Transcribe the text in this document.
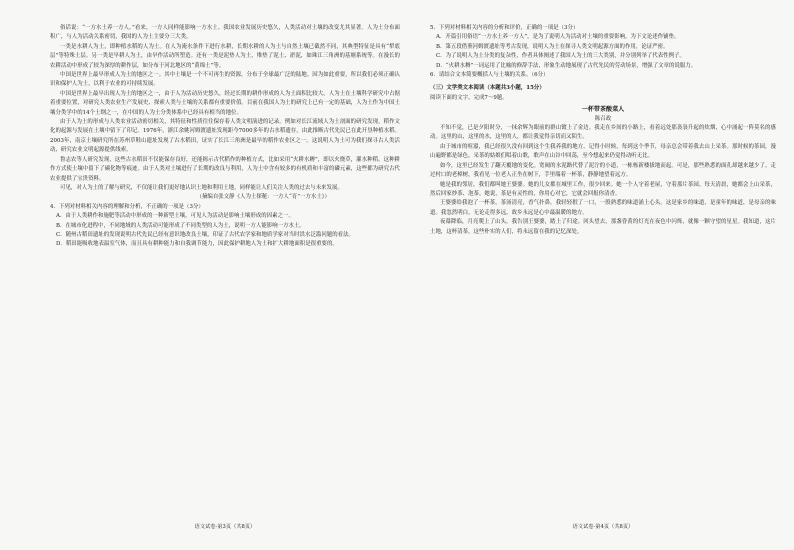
俗话说：“一方水土养一方人。”看来，一方人同样能影响一方水土。我国农业发展历史悠久，人类活动对土壤的改变尤其显著。人为土分布面积广，与人为活动关系密切，我国的人为土主要分三大类。

一类是水耕人为土，即种植水稻的人为土。在人为淹水条件下进行水耕，长期水耕的人为土与自然土壤已截然不同，其典型特征是具有“犁底层”等特殊土层。另一类是旱耕人为土，由旱作活动所塑造。还有一类是泥垫人为土，堆垫了泥土、淤泥，如珠江三角洲的基塘系统等。在漫长的农耕活动中形成了较为深厚的耕作层，如分布于河北地区的“黄绵土”等。

中国是世界上最早形成人为土的地区之一。其中土壤是一个不可再生的资源，分布于全球最广泛的陆地。因为如此重要，所以我们必须正确认识和保护人为土，以利于农业的可持续发展。

中国是世界上最早出现人为土的地区之一，由于人为活动历史悠久，经过长期的耕作形成的人为土面积比较大。人为土在土壤科学研究中占据着重要位置，对研究人类农业生产发展史、探索人类与土壤的关系都有重要价值。目前在我国人为土的研究上已有一定的基础，人为土作为中国土壤分类学中的14个土纲之一，在中国的人为土分类体系中已经具有相当的地位。

由于人为土的形成与人类农业活动密切相关，其特征和性质往往保存着人类文明演进的记录。例如对长江流域人为土剖面的研究发现，稻作文化的起源与发展在土壤中留下了印记。1976年，浙江余姚河姆渡遗址发现距今7000多年的古水稻遗存，由此推断古代先民已在此开垦种植水稻。2003年，南京土壤研究所在苏州草鞋山遗址发现了古水稻田，证实了长江三角洲是最早的稻作农业区之一。这说明人为土可为我们探寻古人类活动、研究农业文明起源提供线索。

鲁志农等人研究发现，这些古水稻田不仅能保存良好，还能揭示古代稻作的种植方式，比如采用“火耕水耨”，即以火烧草，灌水种稻。这种耕作方式使土壤中留下了碳化物等痕迹。由于人类对土壤进行了长期的改良与利用，人为土中含有较多的有机质和丰富的磷元素，这些都为研究古代农业提供了宝贵资料。

可见，对人为土的了解与研究，不仅能让我们更好地认识土地和利用土地，同样能让人们关注人类的过去与未来发展。

（摘编自张文静《人为土探秘：一方人“育”一方水土》）

4．下列对材料相关内容的理解和分析，不正确的一项是（3分）

A．由于人类耕作和施肥等活动中形成的一种新型土壤，可见人为活动是影响土壤形成的因素之一。

B．在城市化进程中，不同地域的人类活动可能形成了不同类型的人为土，说明一方人能影响一方水土。

C．随州古稻田遗址的发现说明古代先民已经有意识地改良土壤，印证了古代农学家和地质学家对当时洪水泛滥问题的看法。

D．稻田能吸收地表温室气体，而且具有耕种能力和自我调节能力，因此保护耕地人为土和扩大耕地面积是很重要的。

语文试卷·第3页（共8页）

5．下列对材料相关内容的分析和评价，正确的一项是（3分）

A．开篇引用俗语“一方水土养一方人”，是为了说明人为活动对土壤的重要影响，为下文论述作铺垫。

B．第五段借鉴河姆渡遗址等考古发现，说明人为土在探寻人类文明起源方面的作用，论证严密。

C．为了说明人为土分类的复杂性，作者具体阐述了我国人为土的三大类别，并分别列举了代表性例子。

D．“火耕水耨”一词运用了比喻的修辞手法，形象生动地展现了古代先民的劳动场景，增强了文章的说服力。

6．请结合文本简要概括人与土壤的关系。（6分）

（三）文学类文本阅读（本题共3小题，15分）

阅读下面的文字，完成7～9题。

一杯带茶酸菜人

陈召政

不知不觉，已是夕阳时分，一抹余辉为眼前的群山镀上了金边。我走在乡间的小路上，看着远处那袅袅升起的炊烟，心中涌起一阵莫名的感动。这里的山，这里的水，这里的人，都让我觉得亲切而又陌生。

由于城市的喧嚣，我已经很久没有回到这个生我养我的地方。记得小时候，每到这个季节，母亲总会带着我去山上采茶。那时候的茶园，漫山遍野都是绿色，采茶的姑娘们唱着山歌，歌声在山谷中回荡，至今想起来仍觉得动听无比。

如今，这里已经发生了翻天覆地的变化。宽阔的水泥路代替了泥泞的小道，一栋栋新楼拔地而起。可是，那些熟悉的面孔却越来越少了。走过村口的老樟树，我看见一位老人正坐在树下，手里端着一杯茶，静静地望着远方。

她是我的邻居，我们都叫她王婆婆。她的儿女都在城里工作，很少回来。她一个人守着老屋，守着那片茶园。每天清晨，她都会上山采茶，然后回家炒茶、泡茶。她说，茶是有灵性的，你用心对它，它就会回报你清香。

王婆婆给我泡了一杯茶，茶汤清亮，香气扑鼻。我轻轻抿了一口，一股熟悉的味道涌上心头。这是家乡的味道，是童年的味道，是母亲的味道。我忽然明白，无论走得多远，故乡永远是心中最温暖的地方。

夜幕降临，月亮爬上了山头。我告别王婆婆，踏上了归途。回头望去，那盏昏黄的灯光在夜色中闪烁，就像一颗守望的星星。我知道，这片土地，这杯清茶，这些朴实的人们，将永远留在我的记忆深处。

语文试卷·第4页（共8页）
